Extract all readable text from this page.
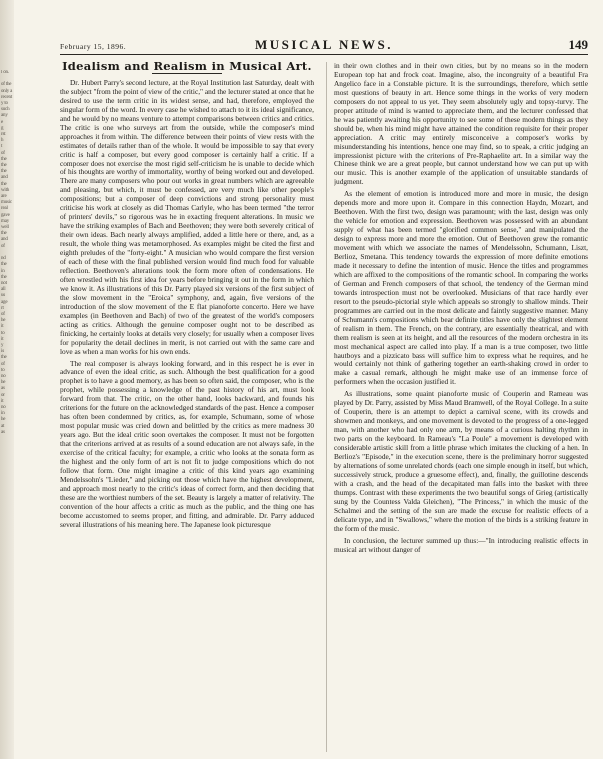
l on.

of the
only a
recent
y to
such
any
e
g
rst
h
t
of
the
the
the
and
the
with
are
music
real
gave
may
well
the
and
of

nd
the
in
the
not
all
us
age
rt
of
he
it
to
it
y
is
the
of
to
no
he
as
or
it
no
in
he
at
as
February 15, 1896.	MUSICAL NEWS.	149
Idealism and Realism in Musical Art.

Dr. Hubert Parry's second lecture, at the Royal Institution last Saturday, dealt with the subject "from the point of view of the critic," and the lecturer stated at once that he desired to use the term critic in its widest sense, and had, therefore, employed the singular form of the word. In every case he wished to attach to it its ideal significance, and he would by no means venture to attempt comparisons between critics and critics. The critic is one who surveys art from the outside, while the composer's mind approaches it from within. The difference between their points of view rests with the estimates of details rather than of the whole. It would be impossible to say that every critic is half a composer, but every good composer is certainly half a critic. If a composer does not exercise the most rigid self-criticism he is unable to decide which of his thoughts are worthy of immortality, worthy of being worked out and developed. There are many composers who pour out works in great numbers which are agreeable and pleasing, but which, it must be confessed, are very much like other people's compositions; but a composer of deep convictions and strong personality must criticise his work at closely as did Thomas Carlyle, who has been termed "the terror of printers' devils," so rigorous was he in exacting frequent alterations. In music we have the striking examples of Bach and Beethoven; they were both severely critical of their own ideas. Bach nearly always amplified, added a little here or there, and, as a result, the whole thing was metamorphosed. As examples might be cited the first and eighth preludes of the "forty-eight." A musician who would compare the first version of each of these with the final published version would find much food for valuable reflection. Beethoven's alterations took the form more often of condensations. He often wrestled with his first idea for years before bringing it out in the form in which we know it. As illustrations of this Dr. Parry played six versions of the first subject of the slow movement in the "Eroica" symphony, and, again, five versions of the introduction of the slow movement of the E flat pianoforte concerto. Here we have examples (in Beethoven and Bach) of two of the greatest of the world's composers acting as critics. Although the genuine composer ought not to be described as finicking, he certainly looks at details very closely; for usually when a composer lives for popularity the detail declines in merit, is not carried out with the same care and love as when a man works for his own ends.

The real composer is always looking forward, and in this respect he is ever in advance of even the ideal critic, as such. Although the best qualification for a good prophet is to have a good memory, as has been so often said, the composer, who is the prophet, while possessing a knowledge of the past history of his art, must look forward from that. The critic, on the other hand, looks backward, and founds his criterions for the future on the acknowledged standards of the past. Hence a composer has often been condemned by critics, as, for example, Schumann, some of whose most popular music was cried down and belittled by the critics as mere madness 30 years ago. But the ideal critic soon overtakes the composer. It must not be forgotten that the criterions arrived at as results of a sound education are not always safe, in the exercise of the critical faculty; for example, a critic who looks at the sonata form as the highest and the only form of art is not fit to judge compositions which do not follow that form. One might imagine a critic of this kind years ago examining Mendelssohn's "Lieder," and picking out those which have the highest development, and approach most nearly to the critic's ideas of correct form, and then deciding that these are the worthiest numbers of the set. Beauty is largely a matter of relativity. The convention of the hour affects a critic as much as the public, and the thing one has become accustomed to seems proper, and fitting, and admirable. Dr. Parry adduced several illustrations of his meaning here. The Japanese look picturesque

in their own clothes and in their own cities, but by no means so in the modern European top hat and frock coat. Imagine, also, the incongruity of a beautiful Fra Angelico face in a Constable picture. It is the surroundings, therefore, which settle most questions of beauty in art. Hence some things in the works of very modern composers do not appeal to us yet. They seem absolutely ugly and topsy-turvy. The proper attitude of mind is wanted to appreciate them, and the lecturer confessed that he was patiently awaiting his opportunity to see some of these modern things as they should be, when his mind might have attained the condition requisite for their proper appreciation. A critic may entirely misconceive a composer's works by misunderstanding his intentions, hence one may find, so to speak, a critic judging an impressionist picture with the criterions of Pre-Raphaelite art. In a similar way the Chinese think we are a great people, but cannot understand how we can put up with our music. This is another example of the application of unsuitable standards of judgment.

As the element of emotion is introduced more and more in music, the design depends more and more upon it. Compare in this connection Haydn, Mozart, and Beethoven. With the first two, design was paramount; with the last, design was only the vehicle for emotion and expression. Beethoven was possessed with an abundant supply of what has been termed "glorified common sense," and manipulated the design to express more and more the emotion. Out of Beethoven grew the romantic movement with which we associate the names of Mendelssohn, Schumann, Liszt, Berlioz, Smetana. This tendency towards the expression of more definite emotions made it necessary to define the intention of music. Hence the titles and programmes which are affixed to the compositions of the romantic school. In comparing the works of German and French composers of that school, the tendency of the German mind towards introspection must not be overlooked. Musicians of that race hardly ever resort to the pseudo-pictorial style which appeals so strongly to shallow minds. Their programmes are carried out in the most delicate and faintly suggestive manner. Many of Schumann's compositions which bear definite titles have only the slightest element of realism in them. The French, on the contrary, are essentially theatrical, and with them realism is seen at its height, and all the resources of the modern orchestra in its most mechanical aspect are called into play. If a man is a true composer, two little hautboys and a pizzicato bass will suffice him to express what he requires, and he would certainly not think of gathering together an earth-shaking crowd in order to make a casual remark, although he might make use of an immense force of performers when the occasion justified it.

As illustrations, some quaint pianoforte music of Couperin and Rameau was played by Dr. Parry, assisted by Miss Maud Bramwell, of the Royal College. In a suite of Couperin, there is an attempt to depict a carnival scene, with its crowds and showmen and monkeys, and one movement is devoted to the progress of a one-legged man, with another who had only one arm, by means of a curious halting rhythm in two parts on the keyboard. In Rameau's "La Poule" a movement is developed with considerable artistic skill from a little phrase which imitates the clucking of a hen. In Berlioz's "Episode," in the execution scene, there is the preliminary horror suggested by alternations of some unrelated chords (each one simple enough in itself, but which, successively struck, produce a gruesome effect), and, finally, the guillotine descends with a crash, and the head of the decapitated man falls into the basket with three thumps. Contrast with these experiments the two beautiful songs of Grieg (artistically sung by the Countess Valda Gleichen), "The Princess," in which the music of the Schalmei and the setting of the sun are made the excuse for realistic effects of a delicate type, and in "Swallows," where the motion of the birds is a striking feature in the form of the music.

In conclusion, the lecturer summed up thus:—"In introducing realistic effects in musical art without danger of
